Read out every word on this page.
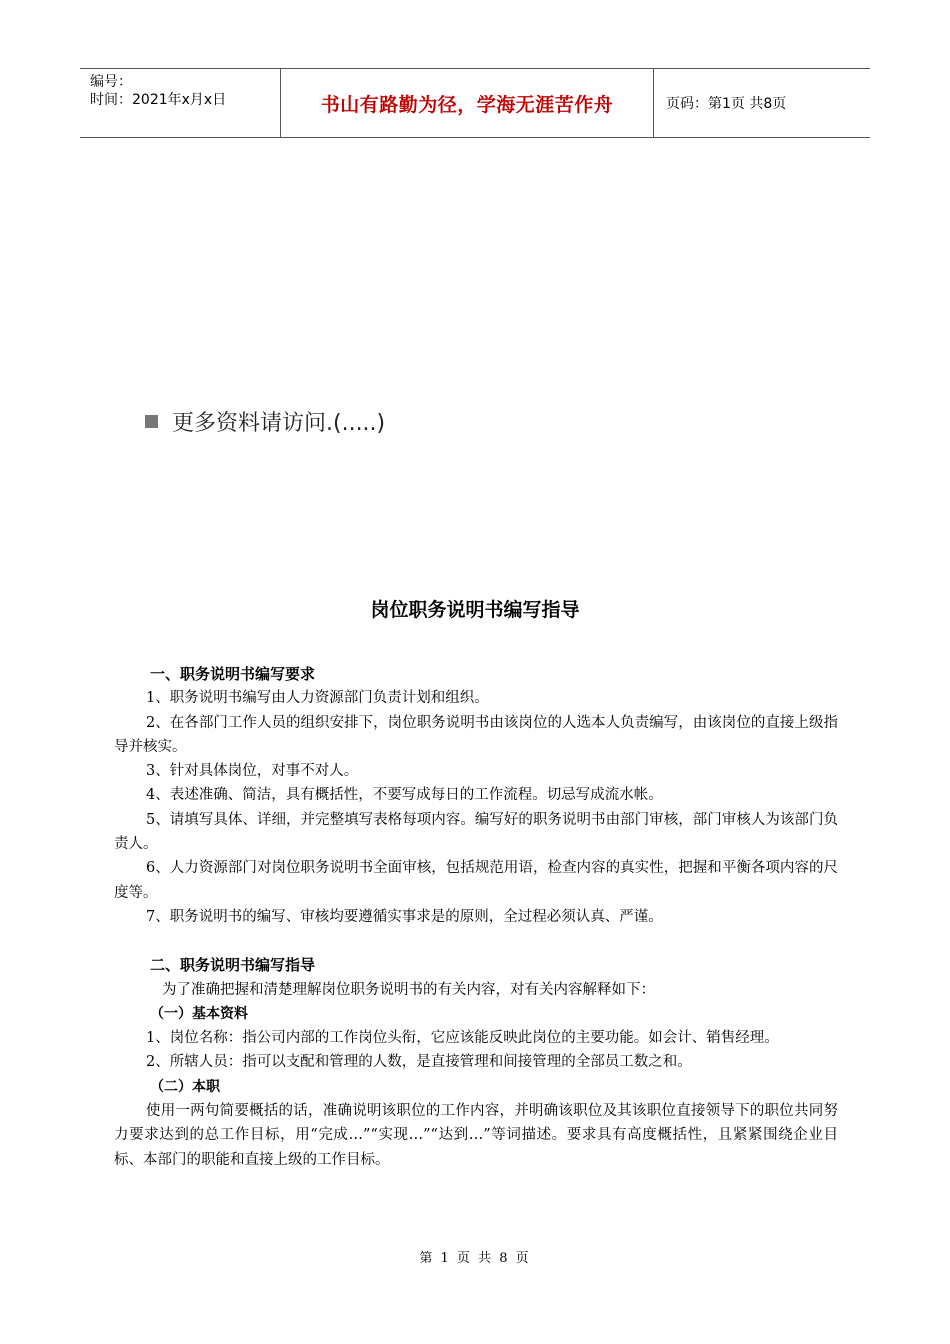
编号：
时间：2021年x月x日	书山有路勤为径，学海无涯苦作舟	页码：第1页 共8页
更多资料请访问.(.....)
岗位职务说明书编写指导

一、职务说明书编写要求

1、职务说明书编写由人力资源部门负责计划和组织。

2、在各部门工作人员的组织安排下，岗位职务说明书由该岗位的人选本人负责编写，由该岗位的直接上级指导并核实。

3、针对具体岗位，对事不对人。

4、表述准确、简洁，具有概括性，不要写成每日的工作流程。切忌写成流水帐。

5、请填写具体、详细，并完整填写表格每项内容。编写好的职务说明书由部门审核，部门审核人为该部门负责人。

6、人力资源部门对岗位职务说明书全面审核，包括规范用语，检查内容的真实性，把握和平衡各项内容的尺度等。

7、职务说明书的编写、审核均要遵循实事求是的原则，全过程必须认真、严谨。

二、职务说明书编写指导

为了准确把握和清楚理解岗位职务说明书的有关内容，对有关内容解释如下：

（一）基本资料

1、岗位名称：指公司内部的工作岗位头衔，它应该能反映此岗位的主要功能。如会计、销售经理。

2、所辖人员：指可以支配和管理的人数，是直接管理和间接管理的全部员工数之和。

（二）本职

使用一两句简要概括的话，准确说明该职位的工作内容，并明确该职位及其该职位直接领导下的职位共同努力要求达到的总工作目标，用“完成…”“实现…”“达到…”等词描述。要求具有高度概括性，且紧紧围绕企业目标、本部门的职能和直接上级的工作目标。

第 1 页 共 8 页
